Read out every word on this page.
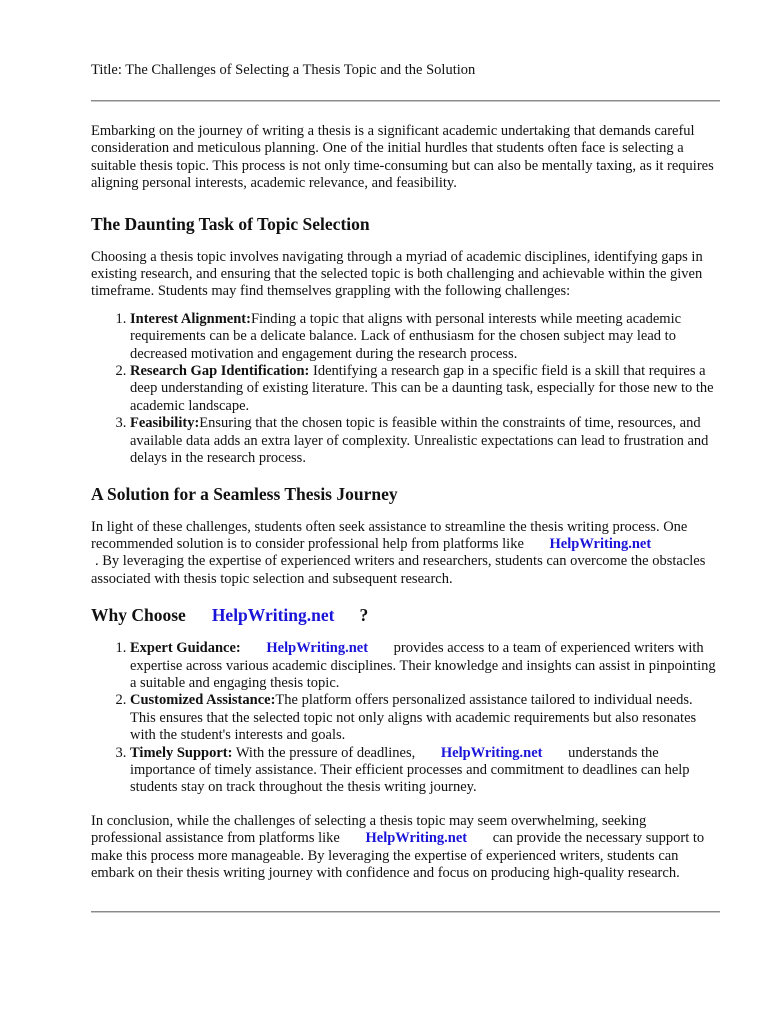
Title: The Challenges of Selecting a Thesis Topic and the Solution

Embarking on the journey of writing a thesis is a significant academic undertaking that demands careful consideration and meticulous planning. One of the initial hurdles that students often face is selecting a suitable thesis topic. This process is not only time-consuming but can also be mentally taxing, as it requires aligning personal interests, academic relevance, and feasibility.

The Daunting Task of Topic Selection

Choosing a thesis topic involves navigating through a myriad of academic disciplines, identifying gaps in existing research, and ensuring that the selected topic is both challenging and achievable within the given timeframe. Students may find themselves grappling with the following challenges:

1. Interest Alignment:Finding a topic that aligns with personal interests while meeting academic requirements can be a delicate balance. Lack of enthusiasm for the chosen subject may lead to decreased motivation and engagement during the research process.
2. Research Gap Identification: Identifying a research gap in a specific field is a skill that requires a deep understanding of existing literature. This can be a daunting task, especially for those new to the academic landscape.
3. Feasibility:Ensuring that the chosen topic is feasible within the constraints of time, resources, and available data adds an extra layer of complexity. Unrealistic expectations can lead to frustration and delays in the research process.
A Solution for a Seamless Thesis Journey

In light of these challenges, students often seek assistance to streamline the thesis writing process. One recommended solution is to consider professional help from platforms like HelpWriting.net
. By leveraging the expertise of experienced writers and researchers, students can overcome the obstacles associated with thesis topic selection and subsequent research.

Why Choose HelpWriting.net ?
1. Expert Guidance: HelpWriting.net provides access to a team of experienced writers with expertise across various academic disciplines. Their knowledge and insights can assist in pinpointing a suitable and engaging thesis topic.
2. Customized Assistance:The platform offers personalized assistance tailored to individual needs. This ensures that the selected topic not only aligns with academic requirements but also resonates with the student's interests and goals.
3. Timely Support: With the pressure of deadlines, HelpWriting.net understands the importance of timely assistance. Their efficient processes and commitment to deadlines can help students stay on track throughout the thesis writing journey.

In conclusion, while the challenges of selecting a thesis topic may seem overwhelming, seeking professional assistance from platforms like HelpWriting.net can provide the necessary support to make this process more manageable. By leveraging the expertise of experienced writers, students can embark on their thesis writing journey with confidence and focus on producing high-quality research.
